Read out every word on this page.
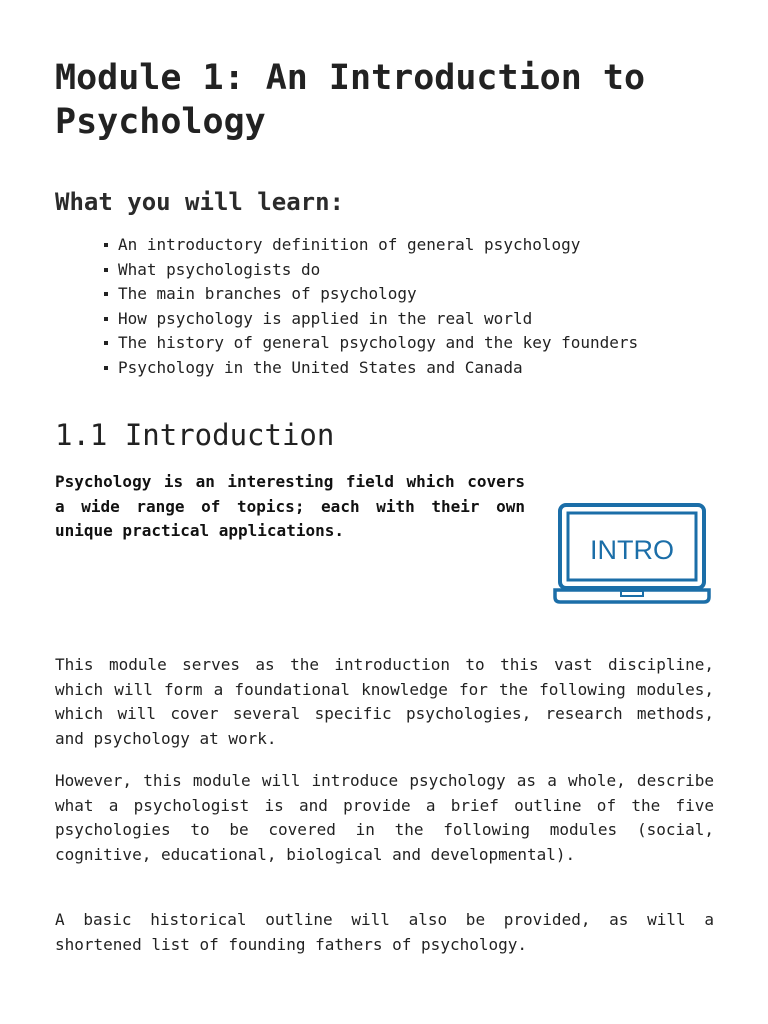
Module 1: An Introduction to Psychology
What you will learn:
An introductory definition of general psychology
What psychologists do
The main branches of psychology
How psychology is applied in the real world
The history of general psychology and the key founders
Psychology in the United States and Canada
1.1 Introduction

Psychology is an interesting field which covers a wide range of topics; each with their own unique practical applications.

INTRO

This module serves as the introduction to this vast discipline, which will form a foundational knowledge for the following modules, which will cover several specific psychologies, research methods, and psychology at work.

However, this module will introduce psychology as a whole, describe what a psychologist is and provide a brief outline of the five psychologies to be covered in the following modules (social, cognitive, educational, biological and developmental).

A basic historical outline will also be provided, as will a shortened list of founding fathers of psychology.
